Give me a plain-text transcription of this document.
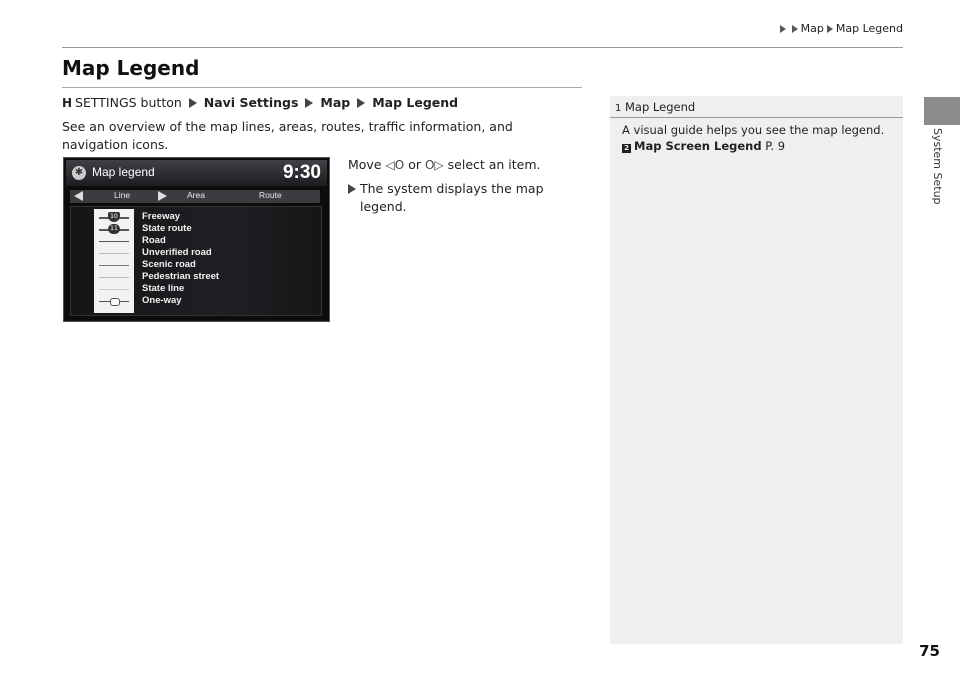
Map Map Legend
System Setup
Map Legend
H SETTINGS button Navi Settings Map Map Legend
See an overview of the map lines, areas, routes, traffic information, and navigation icons.
✱ Map legend	9:30
Line	Area	Route
10
11
Freeway
State route
Road
Unverified road
Scenic road
Pedestrian street
State line
One-way
Move ◁O or O▷ select an item.
The system displays the map legend.
1 Map Legend
A visual guide helps you see the map legend.
2 Map Screen Legend P. 9
75
